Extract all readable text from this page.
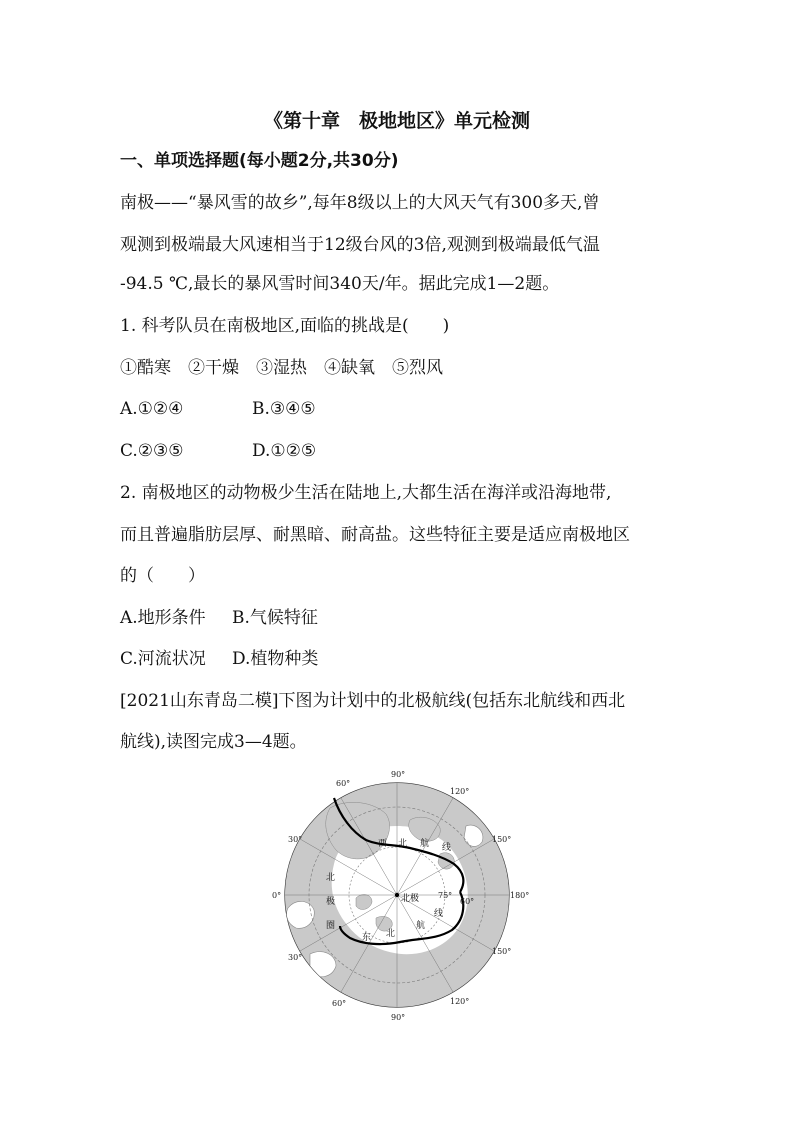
《第十章　极地地区》单元检测
一、单项选择题(每小题2分,共30分)
南极——“暴风雪的故乡”,每年8级以上的大风天气有300多天,曾
观测到极端最大风速相当于12级台风的3倍,观测到极端最低气温
-94.5 ℃,最长的暴风雪时间340天/年。据此完成1—2题。
1. 科考队员在南极地区,面临的挑战是(　　)
①酷寒　②干燥　③湿热　④缺氧　⑤烈风
A.①②④	B.③④⑤
C.②③⑤	D.①②⑤
2. 南极地区的动物极少生活在陆地上,大都生活在海洋或沿海地带,
而且普遍脂肪层厚、耐黑暗、耐高盐。这些特征主要是适应南极地区
的（　　）
A.地形条件 B.气候特征
C.河流状况 D.植物种类
[2021山东青岛二模]下图为计划中的北极航线(包括东北航线和西北
航线),读图完成3—4题。
北极
90°
120°
150°
180°
60°
30°
0°
30°
60°
90°
120°
150°
75°
60°
西 北 航 线
东 北
航
线
北
极
圈
